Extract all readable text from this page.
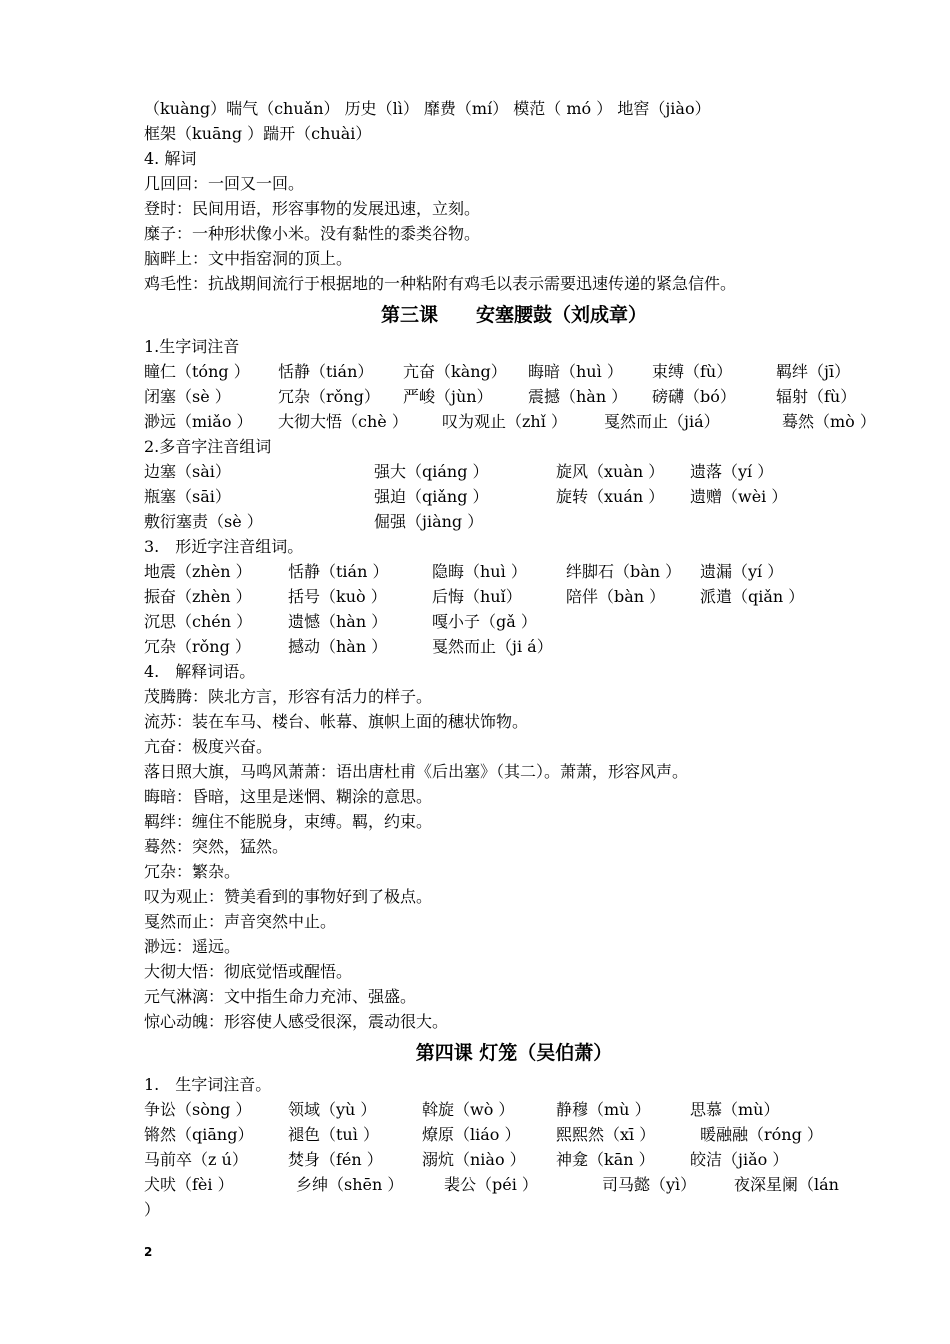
（kuàng）喘气（chuǎn） 历史（lì） 靡费（mí） 模范（ mó ） 地窖（jiào）
框架（kuāng ）踹开（chuài）
4. 解词
几回回：一回又一回。
登时：民间用语，形容事物的发展迅速，立刻。
糜子：一种形状像小米。没有黏性的黍类谷物。
脑畔上：文中指窑洞的顶上。
鸡毛性：抗战期间流行于根据地的一种粘附有鸡毛以表示需要迅速传递的紧急信件。
第三课　　安塞腰鼓（刘成章）
1.生字词注音
瞳仁（tóng ） 恬静（tián） 亢奋（kàng） 晦暗（huì ） 束缚（fù）	羁绊（jī）
闭塞（sè ）	冗杂（rǒng） 严峻（jùn） 震撼（hàn ） 磅礴（bó）	辐射（fù）
渺远（miǎo ） 大彻大悟（chè ） 叹为观止（zhǐ ） 戛然而止（jiá）	蓦然（mò ）
2.多音字注音组词
边塞（sài）	强大（qiáng ）	旋风（xuàn ） 遗落（yí ）
瓶塞（sāi）	强迫（qiǎng ）	旋转（xuán ） 遗赠（wèi ）
敷衍塞责（sè ）	倔强（jiàng ）
3.　形近字注音组词。
地震（zhèn ） 恬静（tián ）	隐晦（huì ） 绊脚石（bàn ） 遗漏（yí ）
振奋（zhèn ） 括号（kuò ）	后悔（huǐ）	陪伴（bàn ） 派遣（qiǎn ）
沉思（chén ） 遗憾（hàn ）	嘎小子（gǎ ）
冗杂（rǒng ） 撼动（hàn ）	戛然而止（ji á）
4.　解释词语。
茂腾腾：陕北方言，形容有活力的样子。
流苏：装在车马、楼台、帐幕、旗帜上面的穗状饰物。
亢奋：极度兴奋。
落日照大旗，马鸣风萧萧：语出唐杜甫《后出塞》（其二）。萧萧，形容风声。
晦暗：昏暗，这里是迷惘、糊涂的意思。
羁绊：缠住不能脱身，束缚。羁，约束。
蓦然：突然，猛然。
冗杂：繁杂。
叹为观止：赞美看到的事物好到了极点。
戛然而止：声音突然中止。
渺远：遥远。
大彻大悟：彻底觉悟或醒悟。
元气淋漓：文中指生命力充沛、强盛。
惊心动魄：形容使人感受很深，震动很大。
第四课 灯笼（吴伯萧）
1.　生字词注音。
争讼（sòng ） 领域（yù ）	斡旋（wò ）	静穆（mù ） 思慕（mù）
锵然（qiāng） 褪色（tuì ）	燎原（liáo ） 熙熙然（xī ）	暖融融（róng ）
马前卒（z ú）	焚身（fén ） 溺炕（niào ） 神龛（kān ） 皎洁（jiǎo ）
犬吠（fèi ）	乡绅（shēn ）	裴公（péi ）	司马懿（yì） 夜深星阑（lán
）
2
